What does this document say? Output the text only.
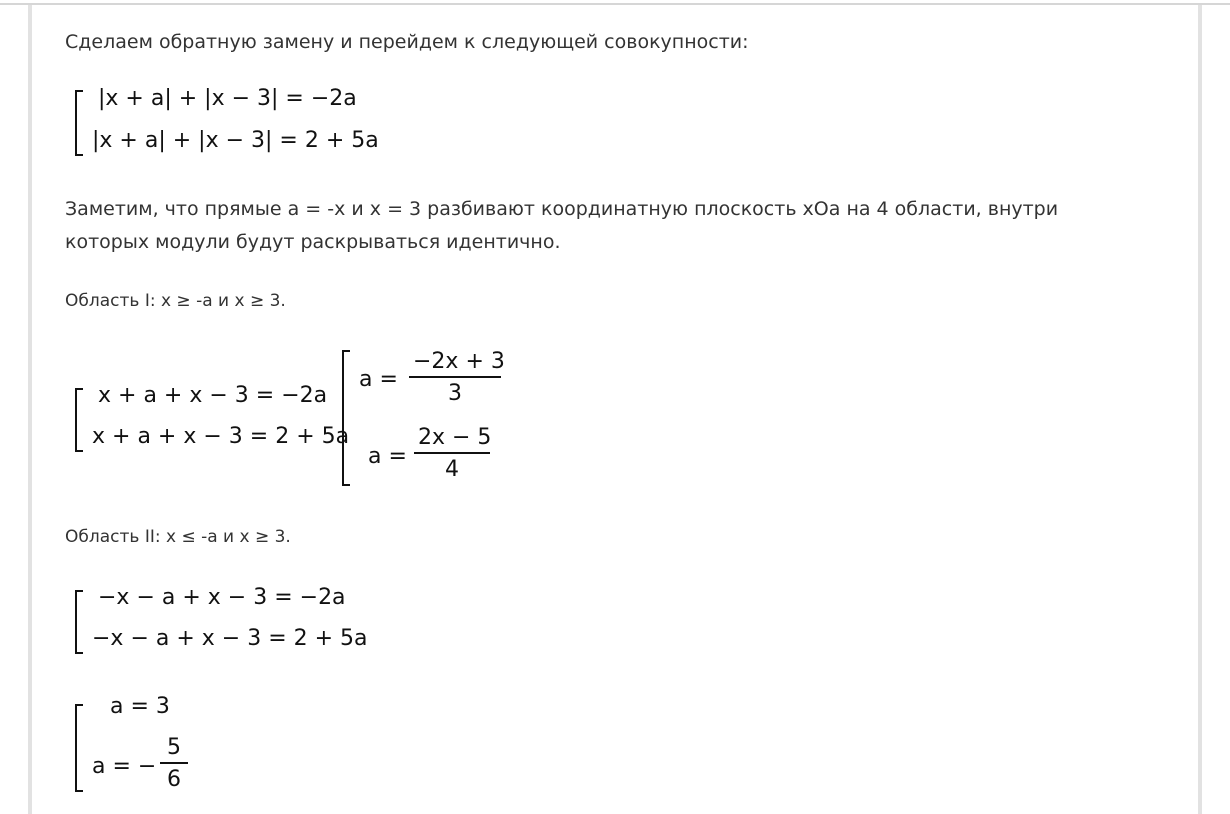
Сделаем обратную замену и перейдем к следующей совокупности:
|x + a| + |x − 3| = −2a
|x + a| + |x − 3| = 2 + 5a
Заметим, что прямые a = -x и x = 3 разбивают координатную плоскость xOa на 4 области, внутри
которых модули будут раскрываться идентично.
Область I: x ≥ -a и x ≥ 3.
x + a + x − 3 = −2a
x + a + x − 3 = 2 + 5a
a =
−2x + 3
3
a =
2x − 5
4
Область II: x ≤ -a и x ≥ 3.
−x − a + x − 3 = −2a
−x − a + x − 3 = 2 + 5a
a = 3
a = −
5
6
